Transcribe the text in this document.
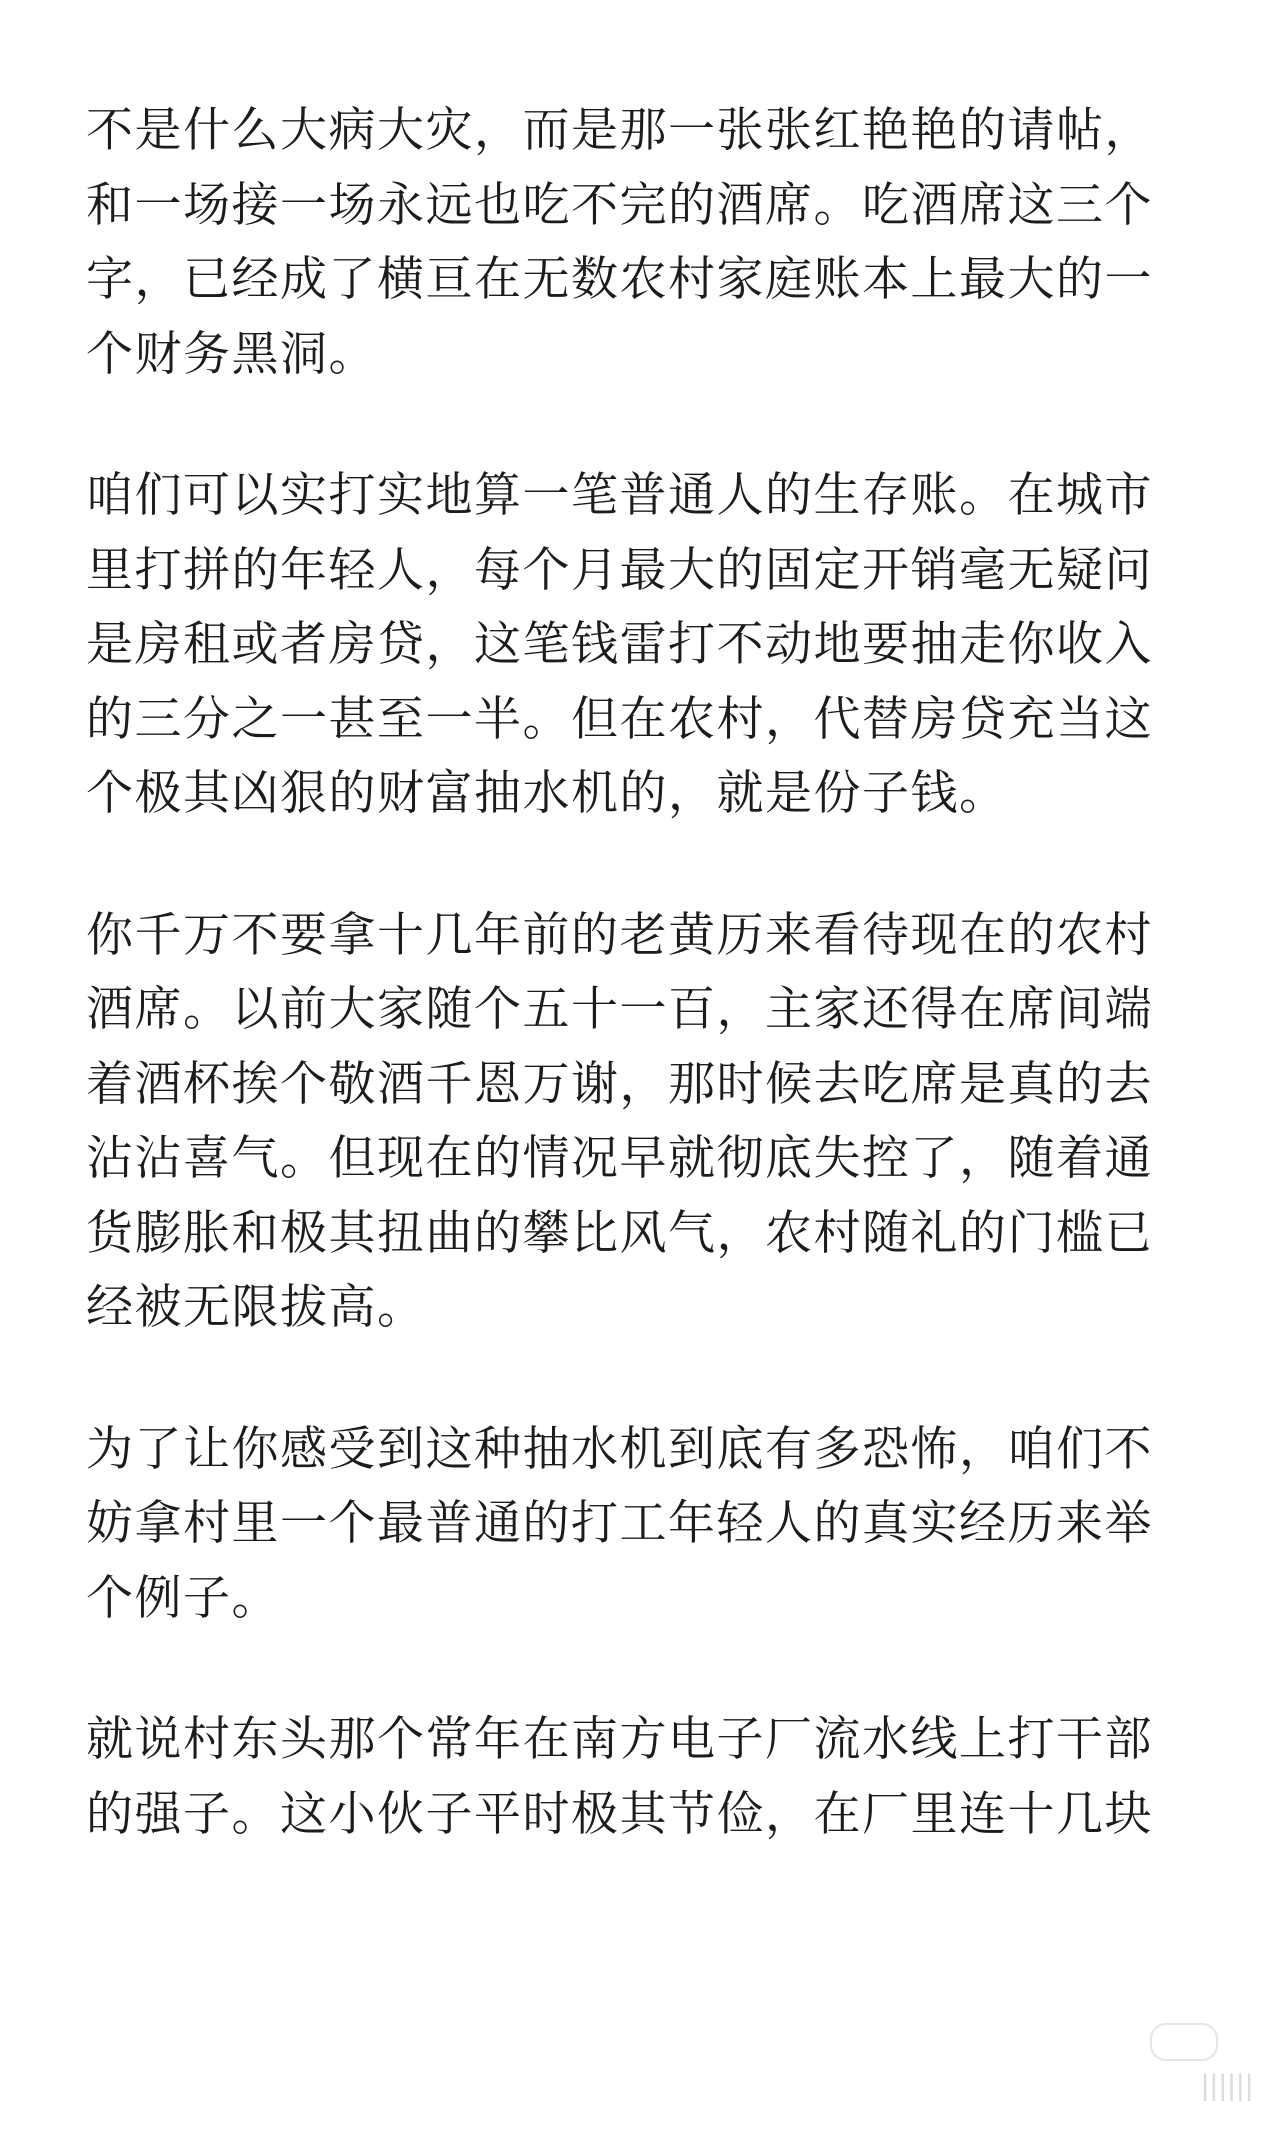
不是什么大病大灾，而是那一张张红艳艳的请帖，
和一场接一场永远也吃不完的酒席。吃酒席这三个
字，已经成了横亘在无数农村家庭账本上最大的一
个财务黑洞。

咱们可以实打实地算一笔普通人的生存账。在城市
里打拼的年轻人，每个月最大的固定开销毫无疑问
是房租或者房贷，这笔钱雷打不动地要抽走你收入
的三分之一甚至一半。但在农村，代替房贷充当这
个极其凶狠的财富抽水机的，就是份子钱。

你千万不要拿十几年前的老黄历来看待现在的农村
酒席。以前大家随个五十一百，主家还得在席间端
着酒杯挨个敬酒千恩万谢，那时候去吃席是真的去
沾沾喜气。但现在的情况早就彻底失控了，随着通
货膨胀和极其扭曲的攀比风气，农村随礼的门槛已
经被无限拔高。

为了让你感受到这种抽水机到底有多恐怖，咱们不
妨拿村里一个最普通的打工年轻人的真实经历来举
个例子。

就说村东头那个常年在南方电子厂流水线上打干部
的强子。这小伙子平时极其节俭，在厂里连十几块

||||||
